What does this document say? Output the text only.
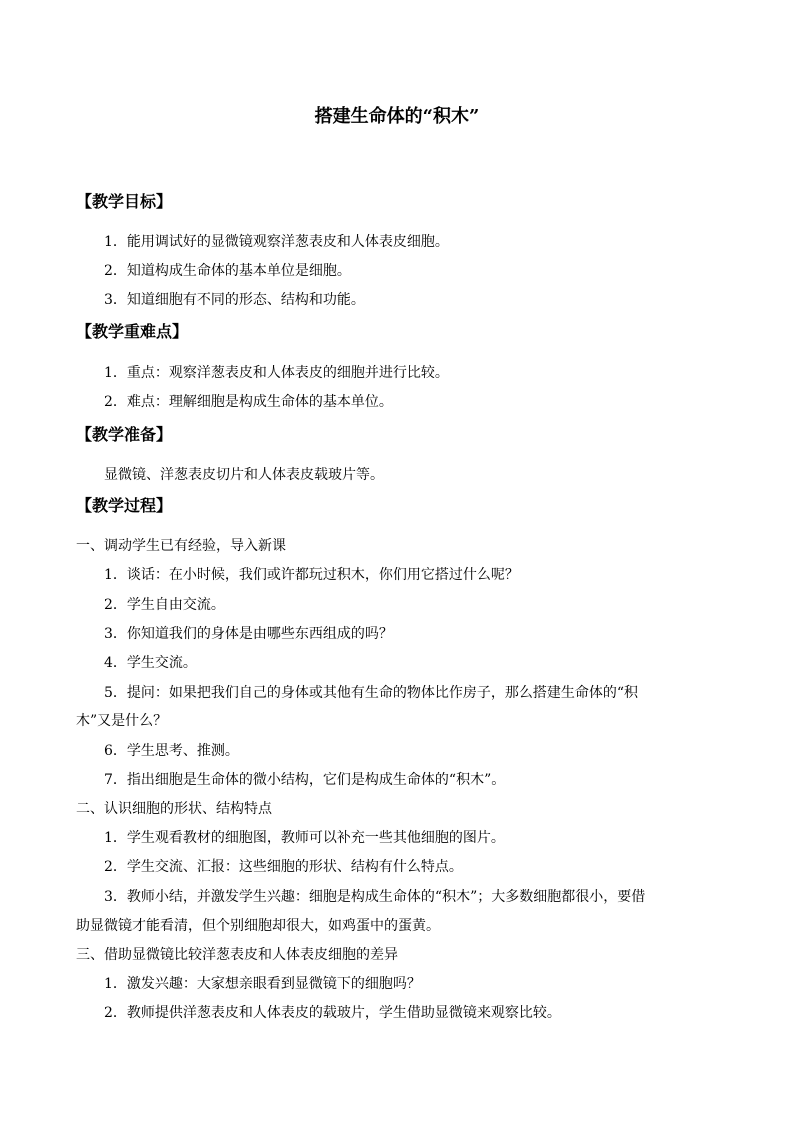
搭建生命体的“积木”
【教学目标】
1．能用调试好的显微镜观察洋葱表皮和人体表皮细胞。
2．知道构成生命体的基本单位是细胞。
3．知道细胞有不同的形态、结构和功能。
【教学重难点】
1．重点：观察洋葱表皮和人体表皮的细胞并进行比较。
2．难点：理解细胞是构成生命体的基本单位。
【教学准备】
显微镜、洋葱表皮切片和人体表皮载玻片等。
【教学过程】
一、调动学生已有经验，导入新课
1．谈话：在小时候，我们或许都玩过积木，你们用它搭过什么呢？
2．学生自由交流。
3．你知道我们的身体是由哪些东西组成的吗？
4．学生交流。
5．提问：如果把我们自己的身体或其他有生命的物体比作房子，那么搭建生命体的“积
木”又是什么？
6．学生思考、推测。
7．指出细胞是生命体的微小结构，它们是构成生命体的“积木”。
二、认识细胞的形状、结构特点
1．学生观看教材的细胞图，教师可以补充一些其他细胞的图片。
2．学生交流、汇报：这些细胞的形状、结构有什么特点。
3．教师小结，并激发学生兴趣：细胞是构成生命体的“积木”；大多数细胞都很小，要借
助显微镜才能看清，但个别细胞却很大，如鸡蛋中的蛋黄。
三、借助显微镜比较洋葱表皮和人体表皮细胞的差异
1．激发兴趣：大家想亲眼看到显微镜下的细胞吗？
2．教师提供洋葱表皮和人体表皮的载玻片，学生借助显微镜来观察比较。
